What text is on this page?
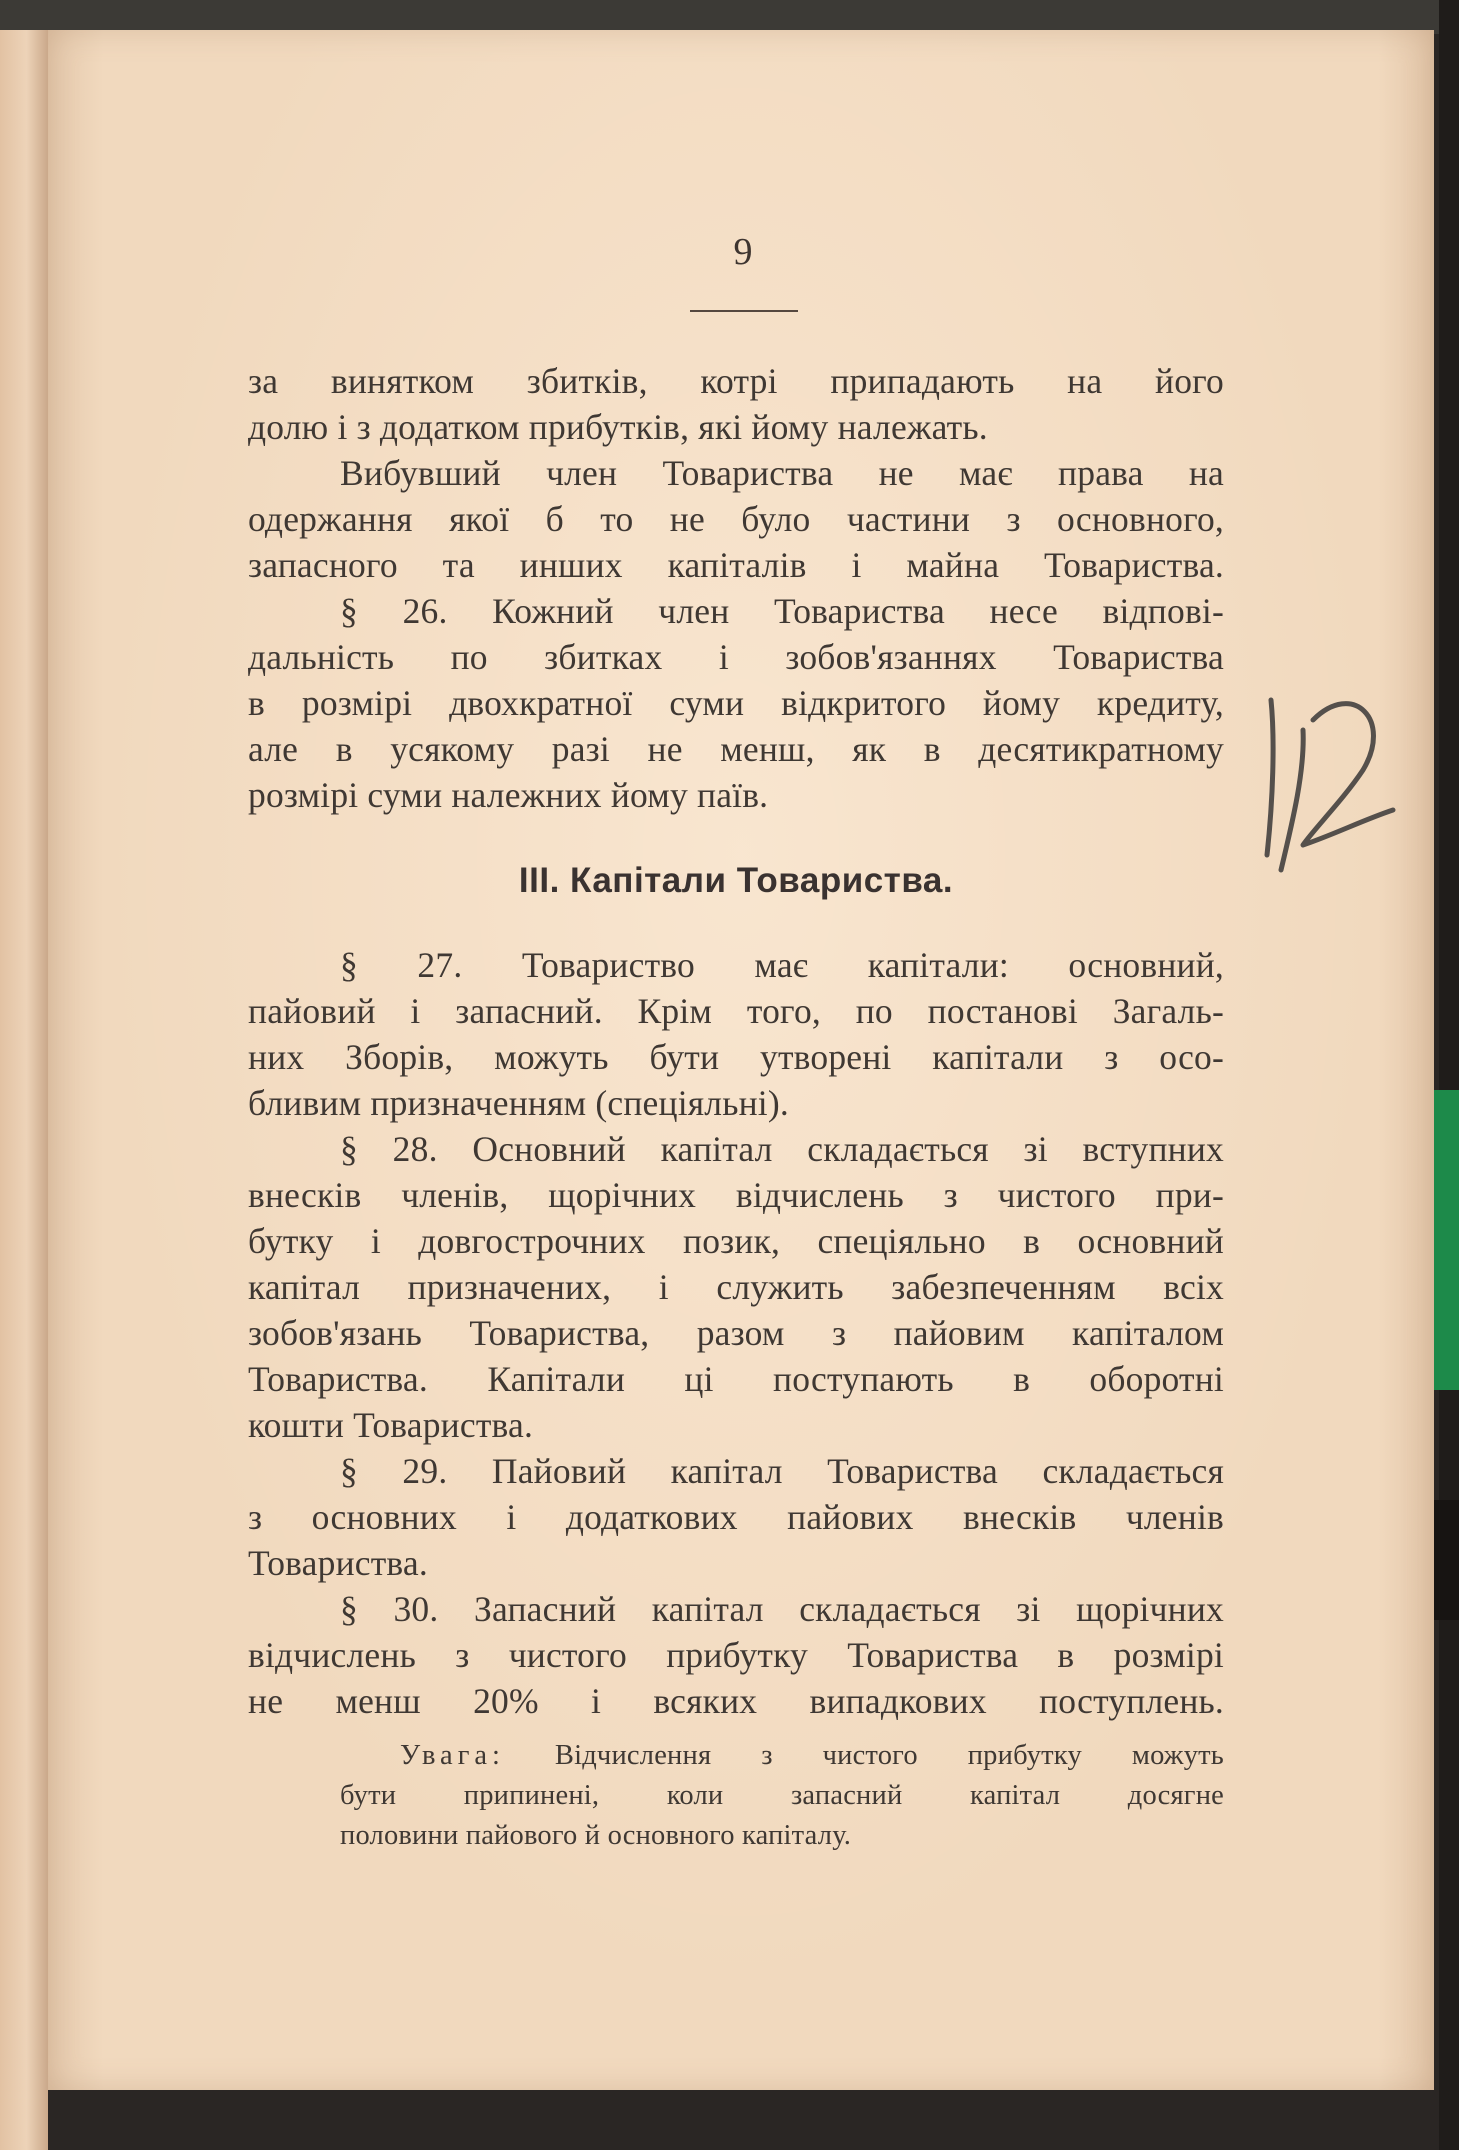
9
за винятком збитків, котрі припадають на його
долю і з додатком прибутків, які йому належать.
Вибувший член Товариства не має права на
одержання якої б то не було частини з основного,
запасного та инших капіталів і майна Товариства.
§ 26. Кожний член Товариства несе відпові-
дальність по збитках і зобов'язаннях Товариства
в розмірі двохкратної суми відкритого йому кредиту,
але в усякому разі не менш, як в десятикратному
розмірі суми належних йому паїв.
III. Капітали Товариства.
§ 27. Товариство має капітали: основний,
пайовий і запасний. Крім того, по постанові Загаль-
них Зборів, можуть бути утворені капітали з осо-
бливим призначенням (спеціяльні).
§ 28. Основний капітал складається зі вступних
внесків членів, щорічних відчислень з чистого при-
бутку і довгострочних позик, спеціяльно в основний
капітал призначених, і служить забезпеченням всіх
зобов'язань Товариства, разом з пайовим капіталом
Товариства. Капітали ці поступають в оборотні
кошти Товариства.
§ 29. Пайовий капітал Товариства складається
з основних і додаткових пайових внесків членів
Товариства.
§ 30. Запасний капітал складається зі щорічних
відчислень з чистого прибутку Товариства в розмірі
не менш 20% і всяких випадкових поступлень.
Увага: Відчислення з чистого прибутку можуть
бути припинені, коли запасний капітал досягне
половини пайового й основного капіталу.
